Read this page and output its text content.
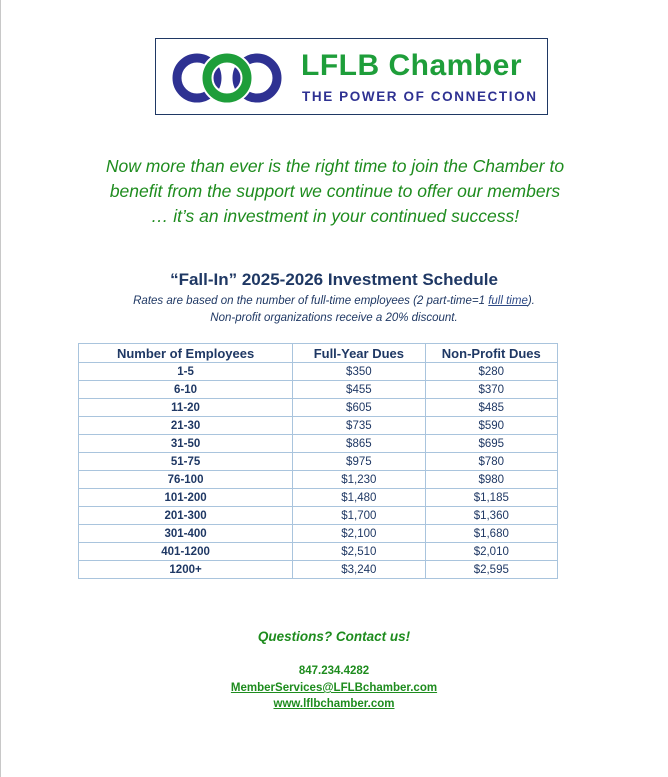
LFLB Chamber
THE POWER OF CONNECTION
Now more than ever is the right time to join the Chamber to
benefit from the support we continue to offer our members
… it’s an investment in your continued success!
“Fall-In” 2025-2026 Investment Schedule
Rates are based on the number of full-time employees (2 part-time=1 full time).
Non-profit organizations receive a 20% discount.
Number of Employees	Full-Year Dues	Non-Profit Dues
1-5	$350	$280
6-10	$455	$370
11-20	$605	$485
21-30	$735	$590
31-50	$865	$695
51-75	$975	$780
76-100	$1,230	$980
101-200	$1,480	$1,185
201-300	$1,700	$1,360
301-400	$2,100	$1,680
401-1200	$2,510	$2,010
1200+	$3,240	$2,595
Questions? Contact us!
847.234.4282
MemberServices@LFLBchamber.com
www.lflbchamber.com
